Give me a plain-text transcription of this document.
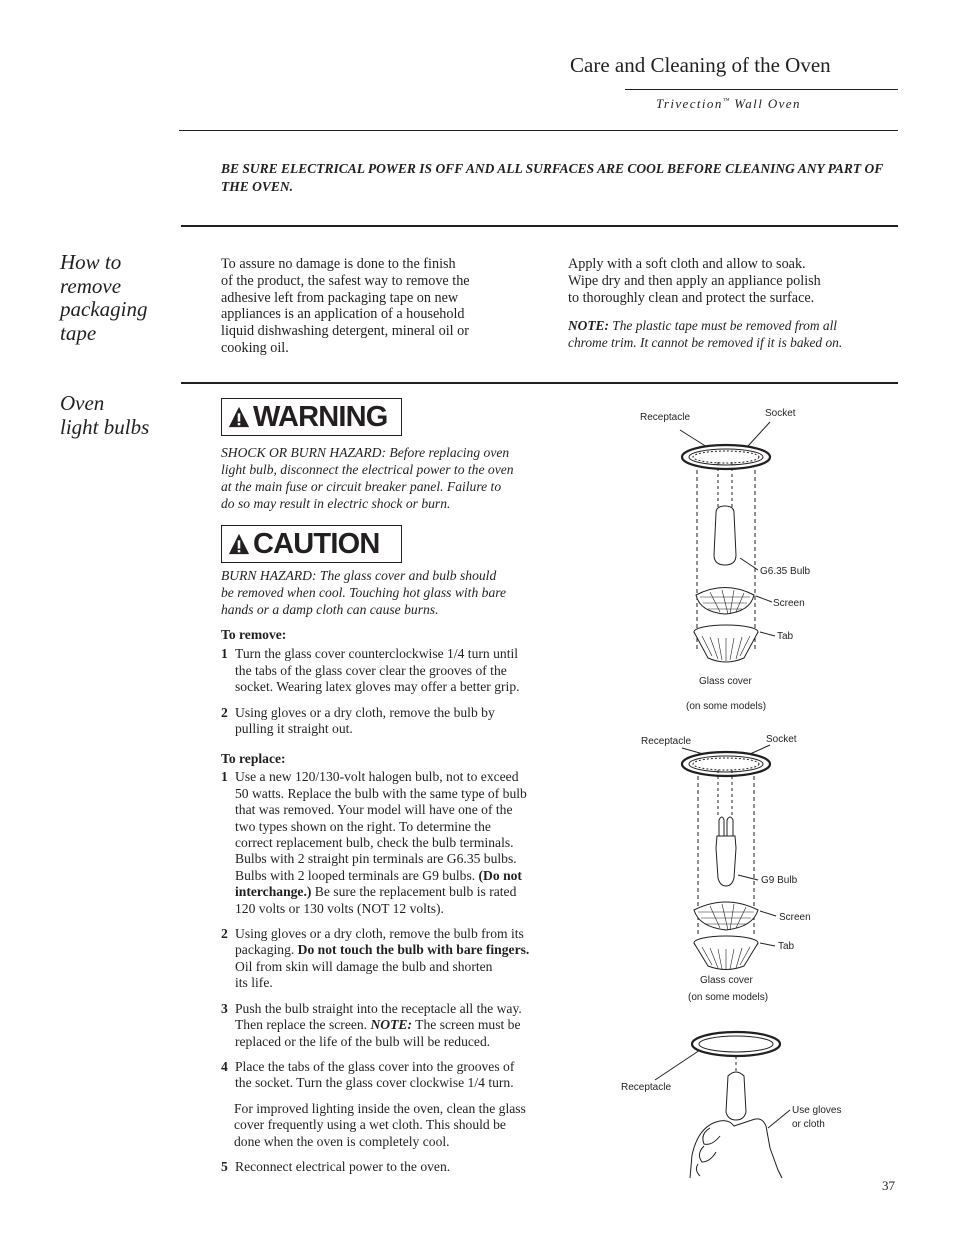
Care and Cleaning of the Oven
Trivection™ Wall Oven
BE SURE ELECTRICAL POWER IS OFF AND ALL SURFACES ARE COOL BEFORE CLEANING ANY PART OF THE OVEN.
How to
remove
packaging
tape
To assure no damage is done to the finish
of the product, the safest way to remove the
adhesive left from packaging tape on new
appliances is an application of a household
liquid dishwashing detergent, mineral oil or
cooking oil.
Apply with a soft cloth and allow to soak.
Wipe dry and then apply an appliance polish
to thoroughly clean and protect the surface.
NOTE: The plastic tape must be removed from all
chrome trim. It cannot be removed if it is baked on.
Oven
light bulbs	WARNING
SHOCK OR BURN HAZARD: Before replacing oven
light bulb, disconnect the electrical power to the oven
at the main fuse or circuit breaker panel. Failure to
do so may result in electric shock or burn.
CAUTION
BURN HAZARD: The glass cover and bulb should
be removed when cool. Touching hot glass with bare
hands or a damp cloth can cause burns.
To remove:
1 Turn the glass cover counterclockwise 1/4 turn until
the tabs of the glass cover clear the grooves of the
socket. Wearing latex gloves may offer a better grip.
2 Using gloves or a dry cloth, remove the bulb by
pulling it straight out.
To replace:
1 Use a new 120/130-volt halogen bulb, not to exceed
50 watts. Replace the bulb with the same type of bulb
that was removed. Your model will have one of the
two types shown on the right. To determine the
correct replacement bulb, check the bulb terminals.
Bulbs with 2 straight pin terminals are G6.35 bulbs.
Bulbs with 2 looped terminals are G9 bulbs. (Do not
interchange.) Be sure the replacement bulb is rated
120 volts or 130 volts (NOT 12 volts).
2 Using gloves or a dry cloth, remove the bulb from its
packaging. Do not touch the bulb with bare fingers.
Oil from skin will damage the bulb and shorten
its life.
3 Push the bulb straight into the receptacle all the way.
Then replace the screen. NOTE: The screen must be
replaced or the life of the bulb will be reduced.
4 Place the tabs of the glass cover into the grooves of
the socket. Turn the glass cover clockwise 1/4 turn.
For improved lighting inside the oven, clean the glass
cover frequently using a wet cloth. This should be
done when the oven is completely cool.
5 Reconnect electrical power to the oven.
Receptacle	Socket
G6.35 Bulb
Screen
Tab
Glass cover
(on some models)
Receptacle	Socket
G9 Bulb
Screen
Tab
Glass cover
(on some models)
Receptacle
Use gloves
or cloth
37
